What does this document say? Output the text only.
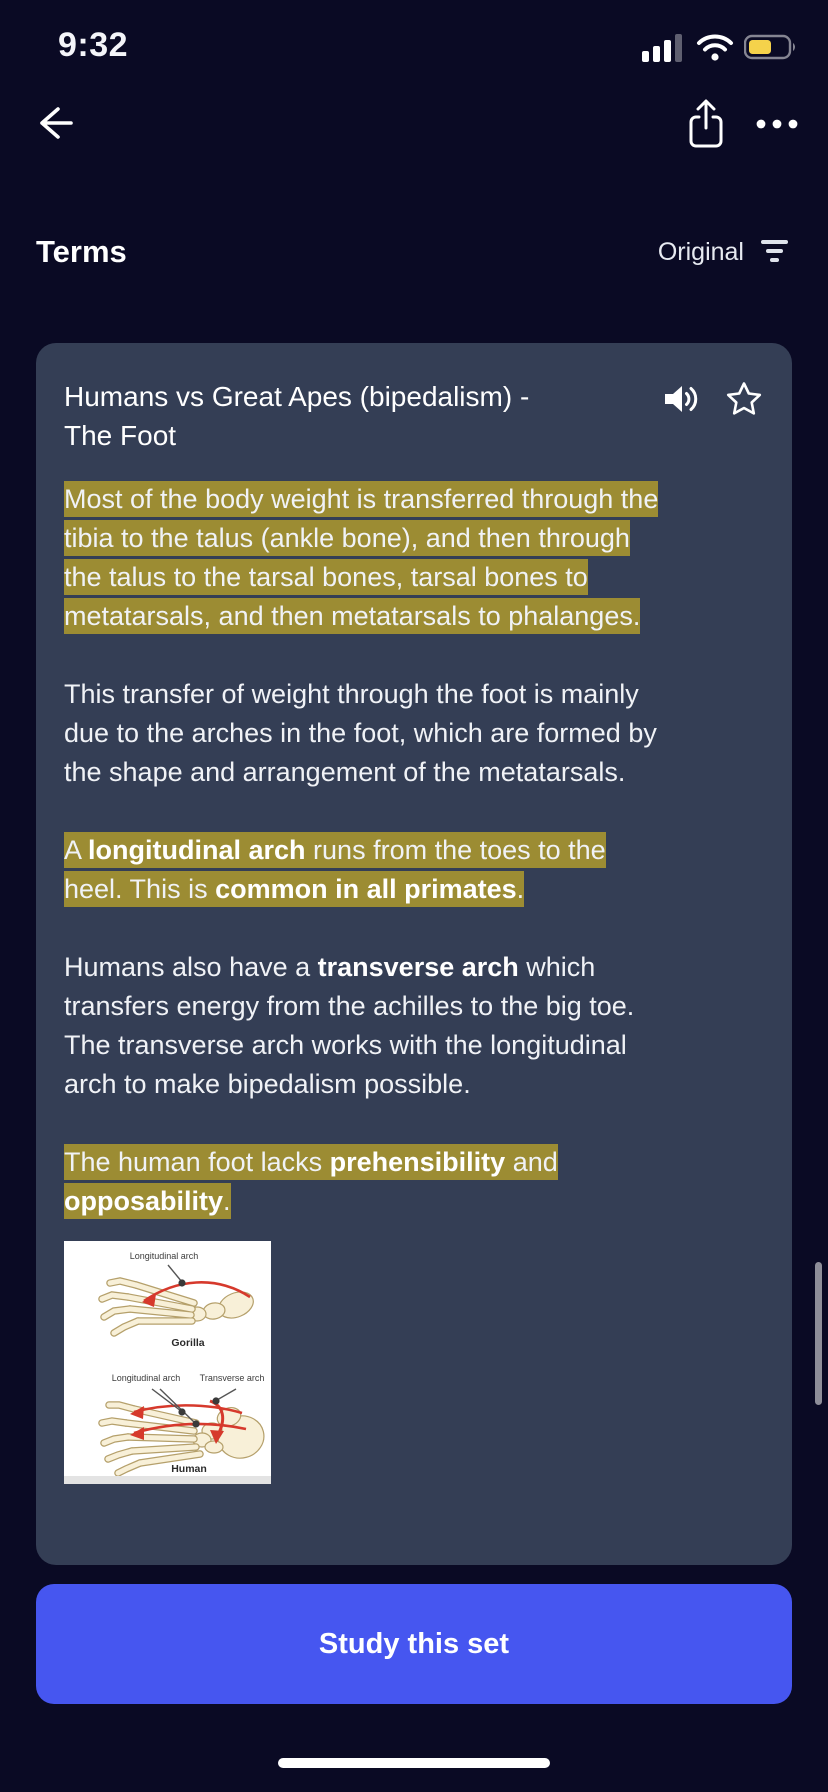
9:32
Terms	Original
Humans vs Great Apes (bipedalism) - The Foot

Most of the body weight is transferred through the tibia to the talus (ankle bone), and then through the talus to the tarsal bones, tarsal bones to metatarsals, and then metatarsals to phalanges.

This transfer of weight through the foot is mainly due to the arches in the foot, which are formed by the shape and arrangement of the metatarsals.

A longitudinal arch runs from the toes to the heel. This is common in all primates.

Humans also have a transverse arch which transfers energy from the achilles to the big toe. The transverse arch works with the longitudinal arch to make bipedalism possible.

The human foot lacks prehensibility and opposability.

Longitudinal arch
Gorilla
Longitudinal arch Transverse arch
Human
Study this set
